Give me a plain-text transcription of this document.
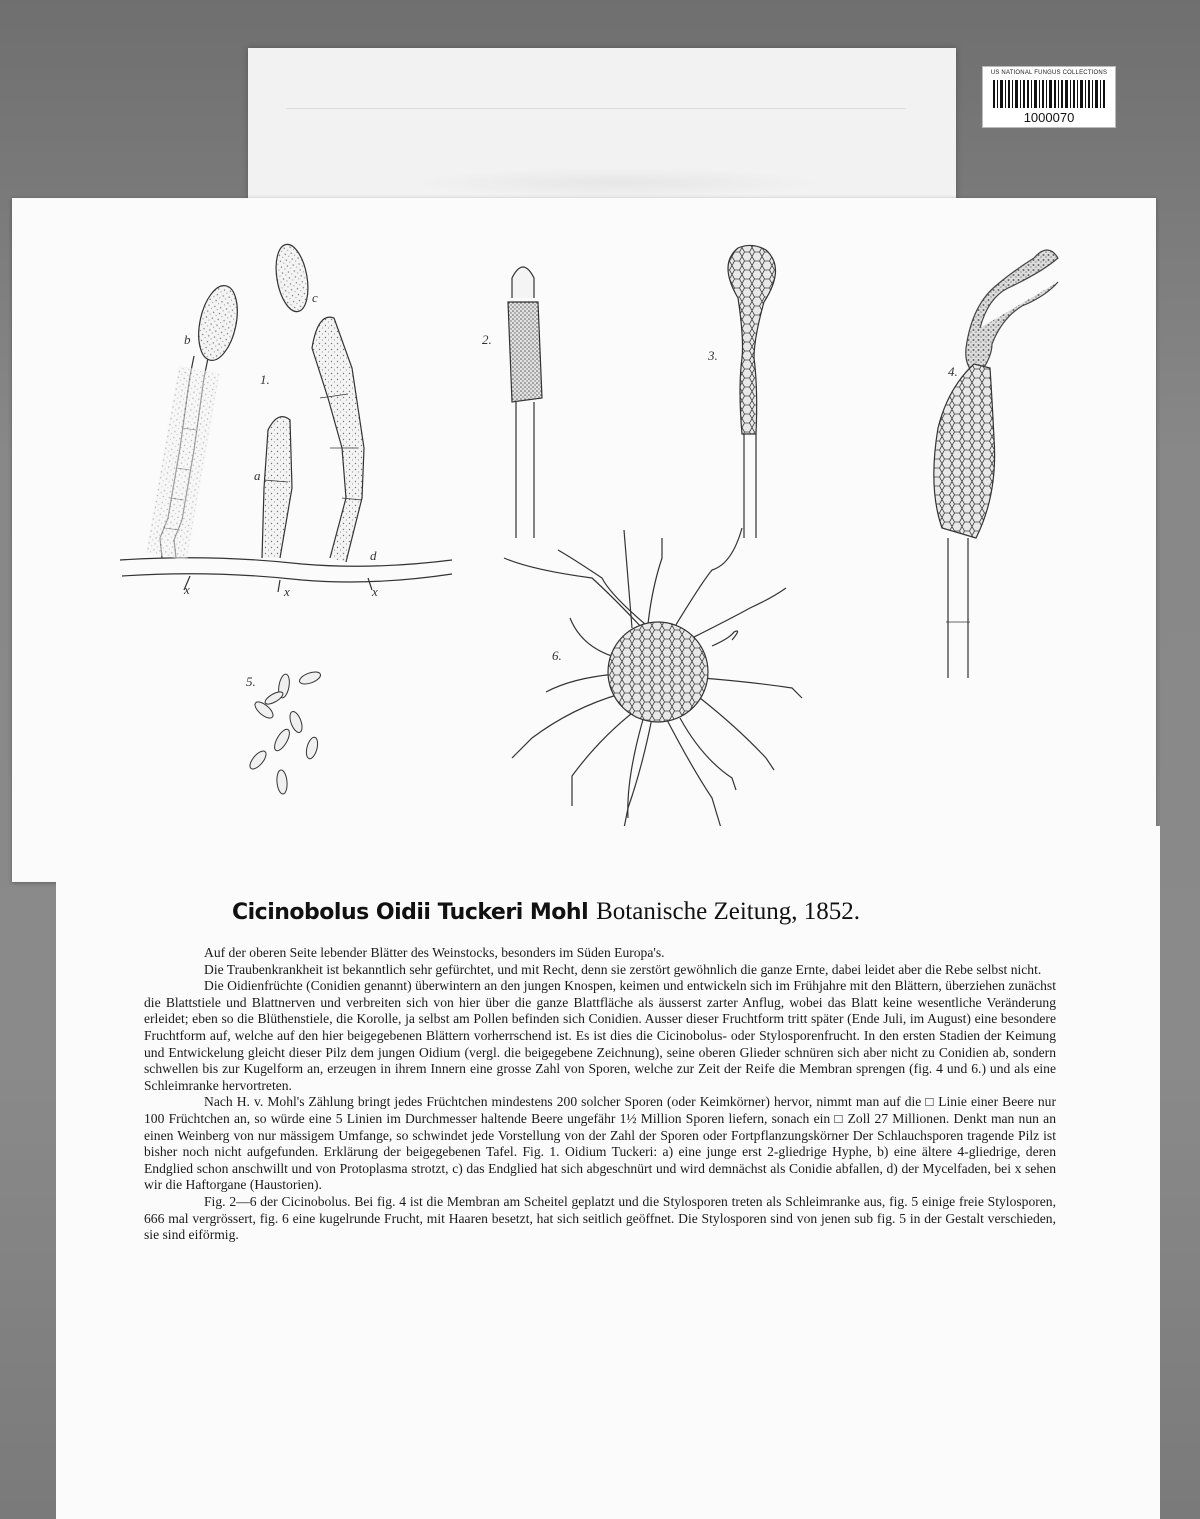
US NATIONAL FUNGUS COLLECTIONS
1000070
b
c
1.
a
d
x	x	x
5.
2.
3.
6.
4.
Cicinobolus Oidii Tuckeri Mohl Botanische Zeitung, 1852.

Auf der oberen Seite lebender Blätter des Weinstocks, besonders im Süden Europa's.

Die Traubenkrankheit ist bekanntlich sehr gefürchtet, und mit Recht, denn sie zerstört gewöhnlich die ganze Ernte, dabei leidet aber die Rebe selbst nicht.

Die Oidienfrüchte (Conidien genannt) überwintern an den jungen Knospen, keimen und entwickeln sich im Frühjahre mit den Blättern, überziehen zunächst die Blattstiele und Blattnerven und verbreiten sich von hier über die ganze Blattfläche als äusserst zarter Anflug, wobei das Blatt keine wesentliche Veränderung erleidet; eben so die Blüthenstiele, die Korolle, ja selbst am Pollen befinden sich Conidien. Ausser dieser Fruchtform tritt später (Ende Juli, im August) eine besondere Fruchtform auf, welche auf den hier beigegebenen Blättern vorherrschend ist. Es ist dies die Cicinobolus- oder Stylosporenfrucht. In den ersten Stadien der Keimung und Entwickelung gleicht dieser Pilz dem jungen Oidium (vergl. die beigegebene Zeichnung), seine oberen Glieder schnüren sich aber nicht zu Conidien ab, sondern schwellen bis zur Kugelform an, erzeugen in ihrem Innern eine grosse Zahl von Sporen, welche zur Zeit der Reife die Membran sprengen (fig. 4 und 6.) und als eine Schleimranke hervortreten.

Nach H. v. Mohl's Zählung bringt jedes Früchtchen mindestens 200 solcher Sporen (oder Keimkörner) hervor, nimmt man auf die □ Linie einer Beere nur 100 Früchtchen an, so würde eine 5 Linien im Durchmesser haltende Beere ungefähr 1½ Million Sporen liefern, sonach ein □ Zoll 27 Millionen. Denkt man nun an einen Weinberg von nur mässigem Umfange, so schwindet jede Vorstellung von der Zahl der Sporen oder Fortpflanzungskörner Der Schlauchsporen tragende Pilz ist bisher noch nicht aufgefunden. Erklärung der beigegebenen Tafel. Fig. 1. Oidium Tuckeri: a) eine junge erst 2-gliedrige Hyphe, b) eine ältere 4-gliedrige, deren Endglied schon anschwillt und von Protoplasma strotzt, c) das Endglied hat sich abgeschnürt und wird demnächst als Conidie abfallen, d) der Mycelfaden, bei x sehen wir die Haftorgane (Haustorien).

Fig. 2—6 der Cicinobolus. Bei fig. 4 ist die Membran am Scheitel geplatzt und die Stylosporen treten als Schleimranke aus, fig. 5 einige freie Stylosporen, 666 mal vergrössert, fig. 6 eine kugelrunde Frucht, mit Haaren besetzt, hat sich seitlich geöffnet. Die Stylosporen sind von jenen sub fig. 5 in der Gestalt verschieden, sie sind eiförmig.
